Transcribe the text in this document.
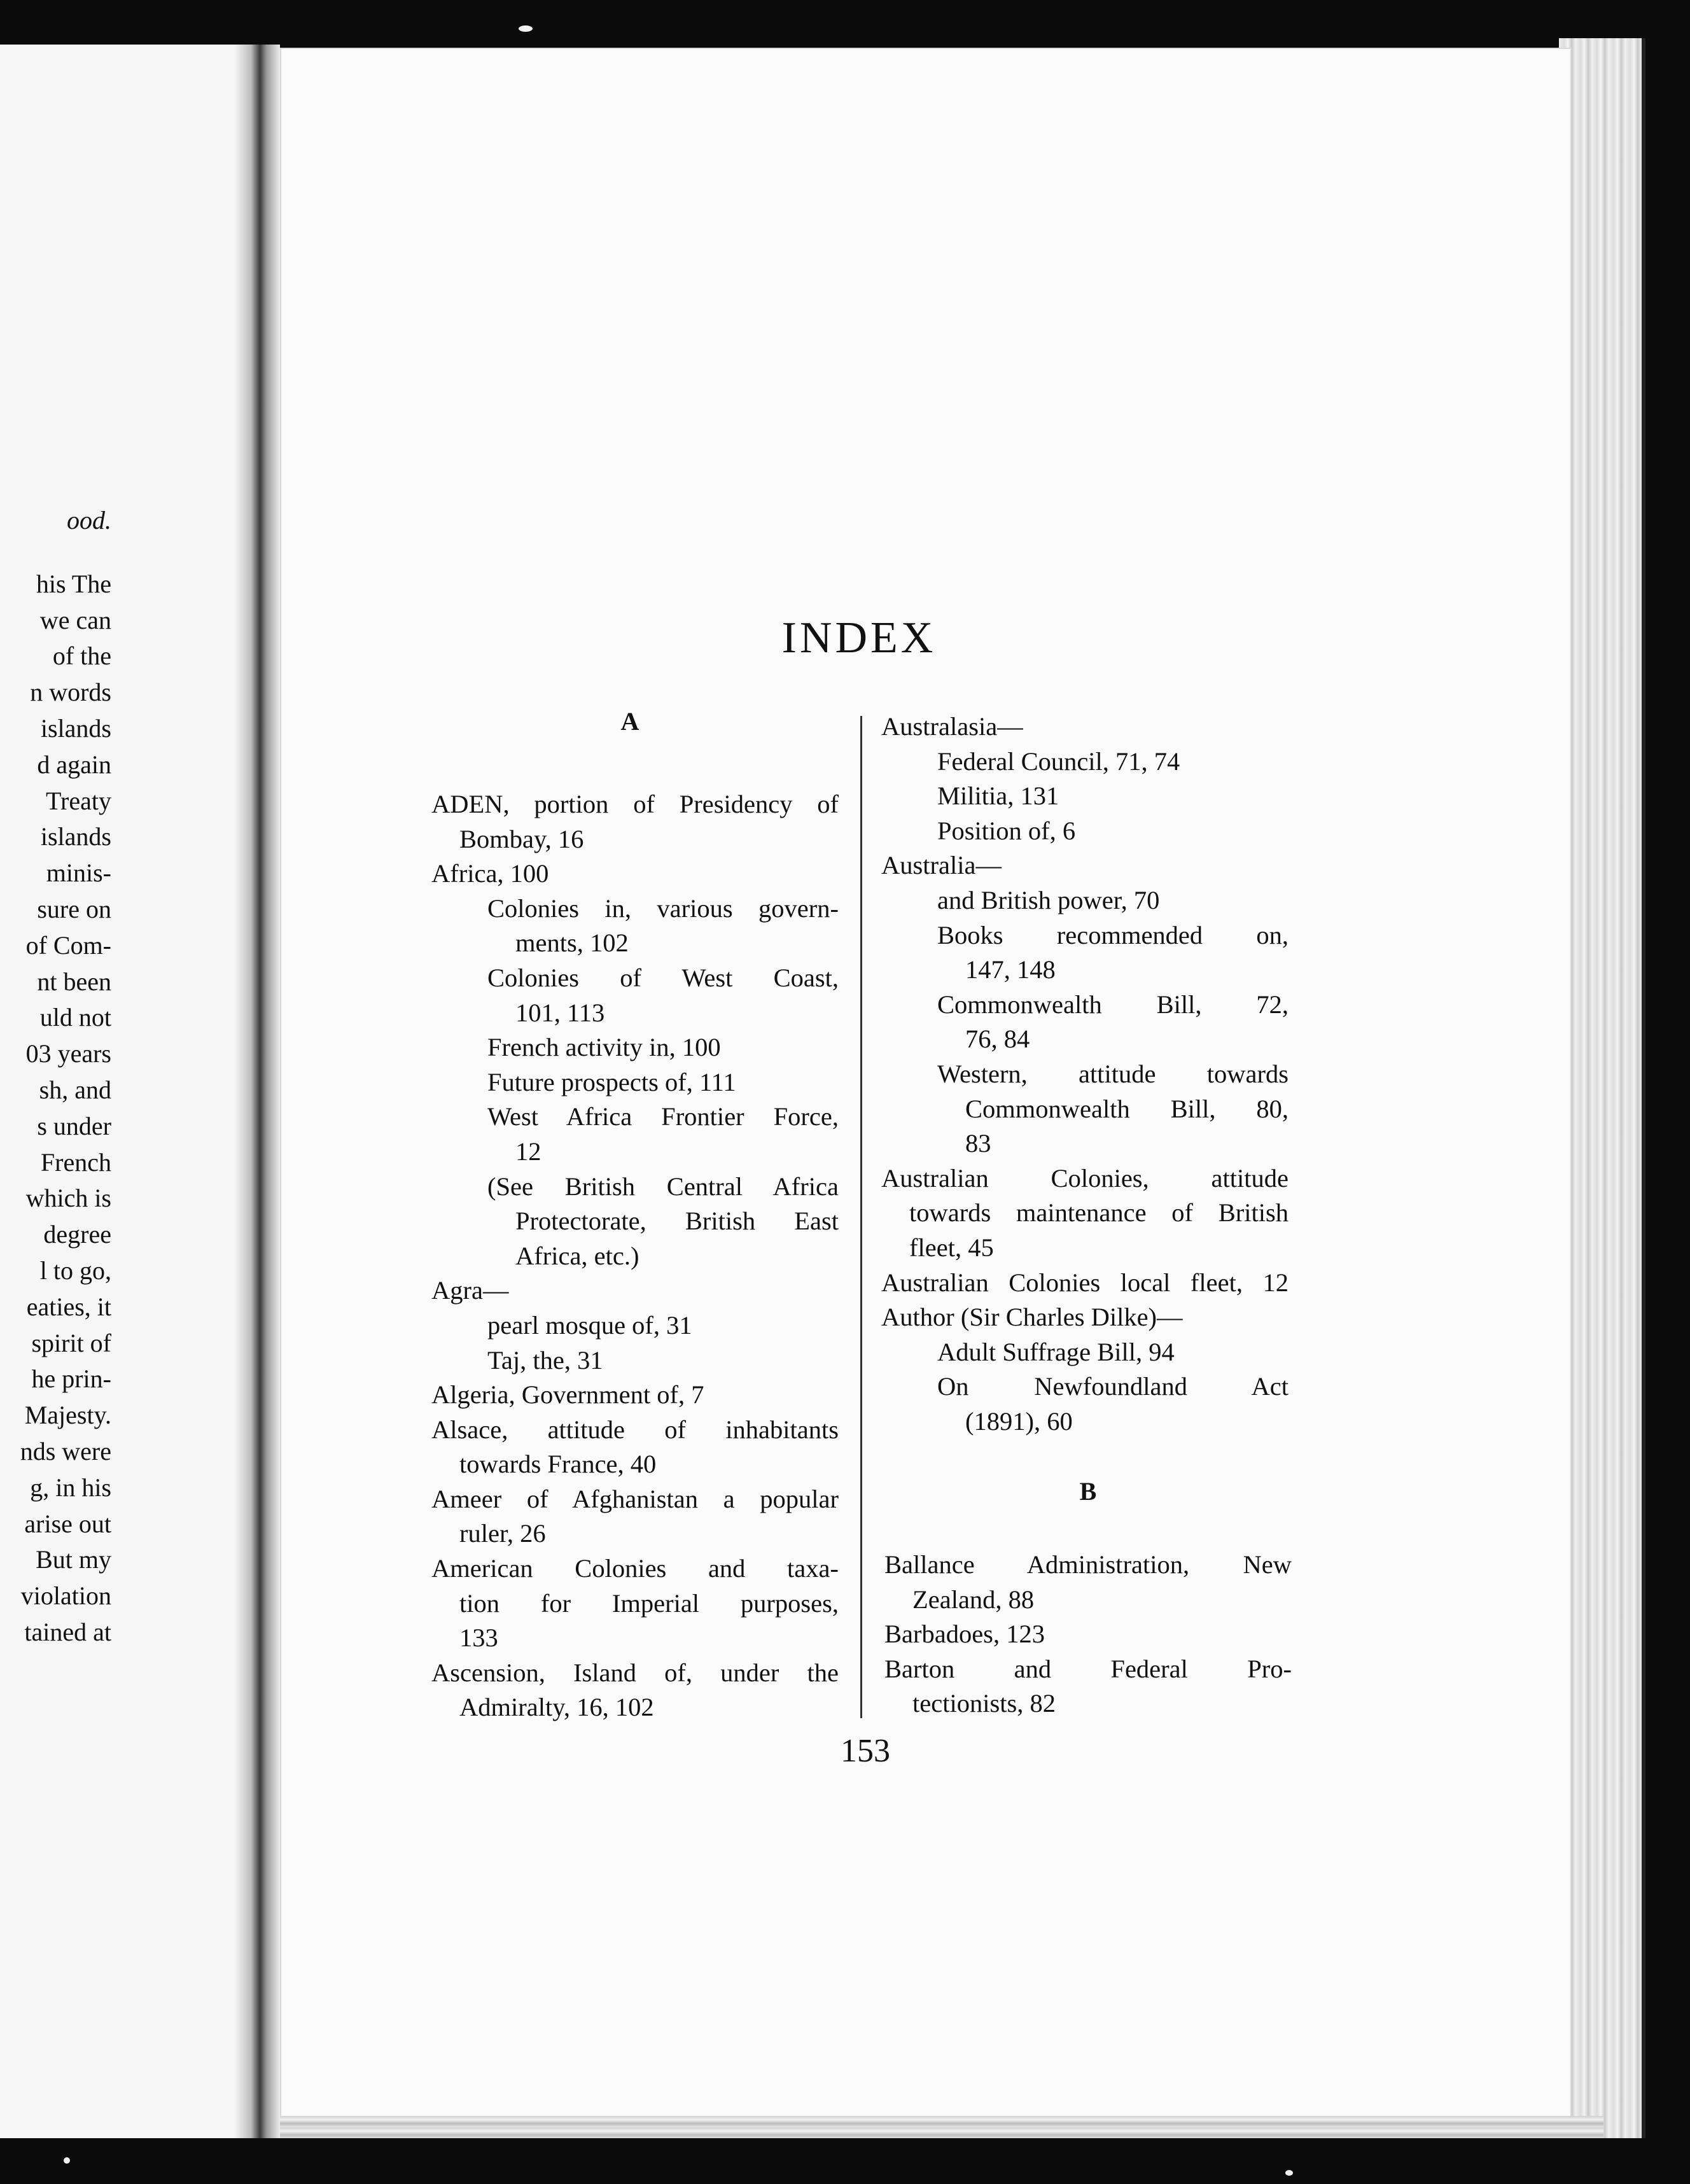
ood.
his The
we can
of the
n words
islands
d again
Treaty
islands
minis-
sure on
of Com-
nt been
uld not
03 years
sh, and
s under
French
which is
degree
l to go,
eaties, it
spirit of
he prin-
Majesty.
nds were
g, in his
arise out
But my
violation
tained at
INDEX
A
ADEN, portion of Presidency of
Bombay, 16
Africa, 100
Colonies in, various govern-
ments, 102
Colonies of West Coast,
101, 113
French activity in, 100
Future prospects of, 111
West Africa Frontier Force,
12
(See British Central Africa
Protectorate, British East
Africa, etc.)
Agra—
pearl mosque of, 31
Taj, the, 31
Algeria, Government of, 7
Alsace, attitude of inhabitants
towards France, 40
Ameer of Afghanistan a popular
ruler, 26
American Colonies and taxa-
tion for Imperial purposes,
133
Ascension, Island of, under the
Admiralty, 16, 102
Australasia—
Federal Council, 71, 74
Militia, 131
Position of, 6
Australia—
and British power, 70
Books recommended on,
147, 148
Commonwealth Bill, 72,
76, 84
Western, attitude towards
Commonwealth Bill, 80,
83
Australian Colonies, attitude
towards maintenance of British
fleet, 45
Australian Colonies local fleet, 12
Author (Sir Charles Dilke)—
Adult Suffrage Bill, 94
On Newfoundland Act
(1891), 60
B
Ballance Administration, New
Zealand, 88
Barbadoes, 123
Barton and Federal Pro-
tectionists, 82
153
